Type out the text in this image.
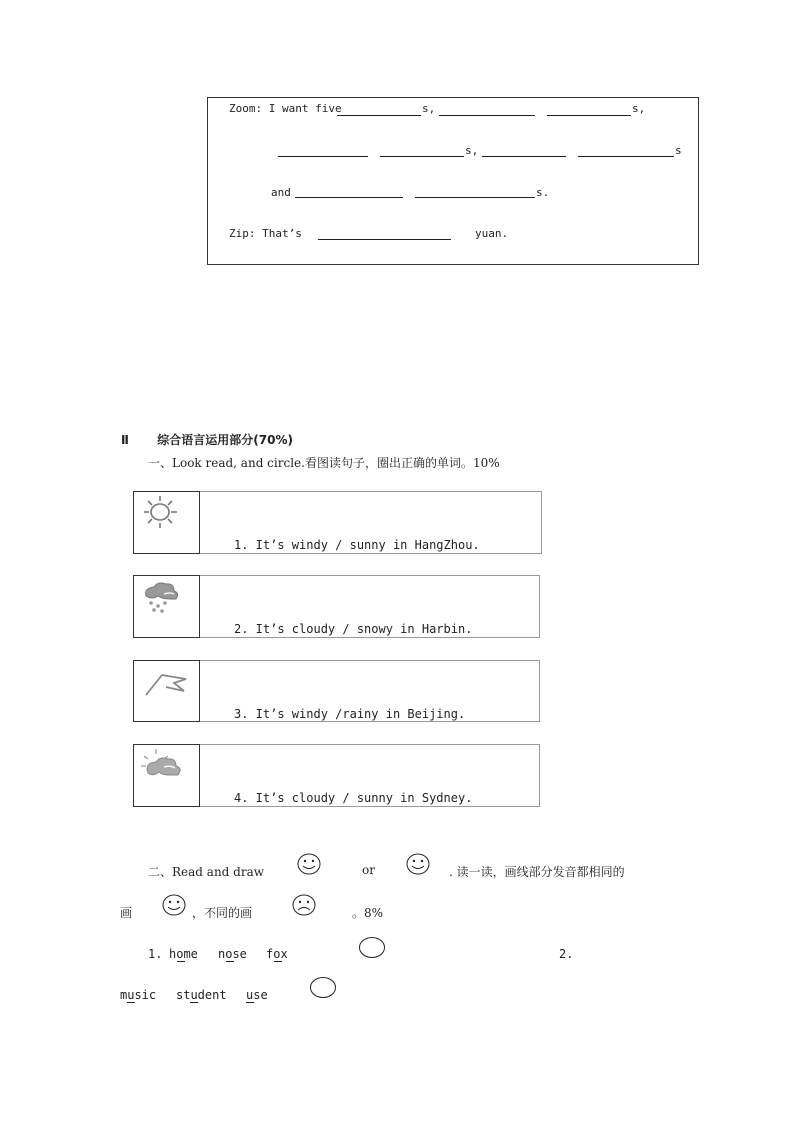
Zoom: I want five	s,	s,
s,	s
and	s.
Zip: That’s	yuan.
Ⅱ 综合语言运用部分(70%)
一、Look read, and circle.看图读句子，圈出正确的单词。10%
1. It’s windy / sunny in HangZhou.
2. It’s cloudy / snowy in Harbin.
3. It’s windy /rainy in Beijing.
4. It’s cloudy / sunny in Sydney.
二、Read and draw	or	. 读一读，画线部分发音都相同的
画	，不同的画	。8%
1. home nose fox	2.
music student use
